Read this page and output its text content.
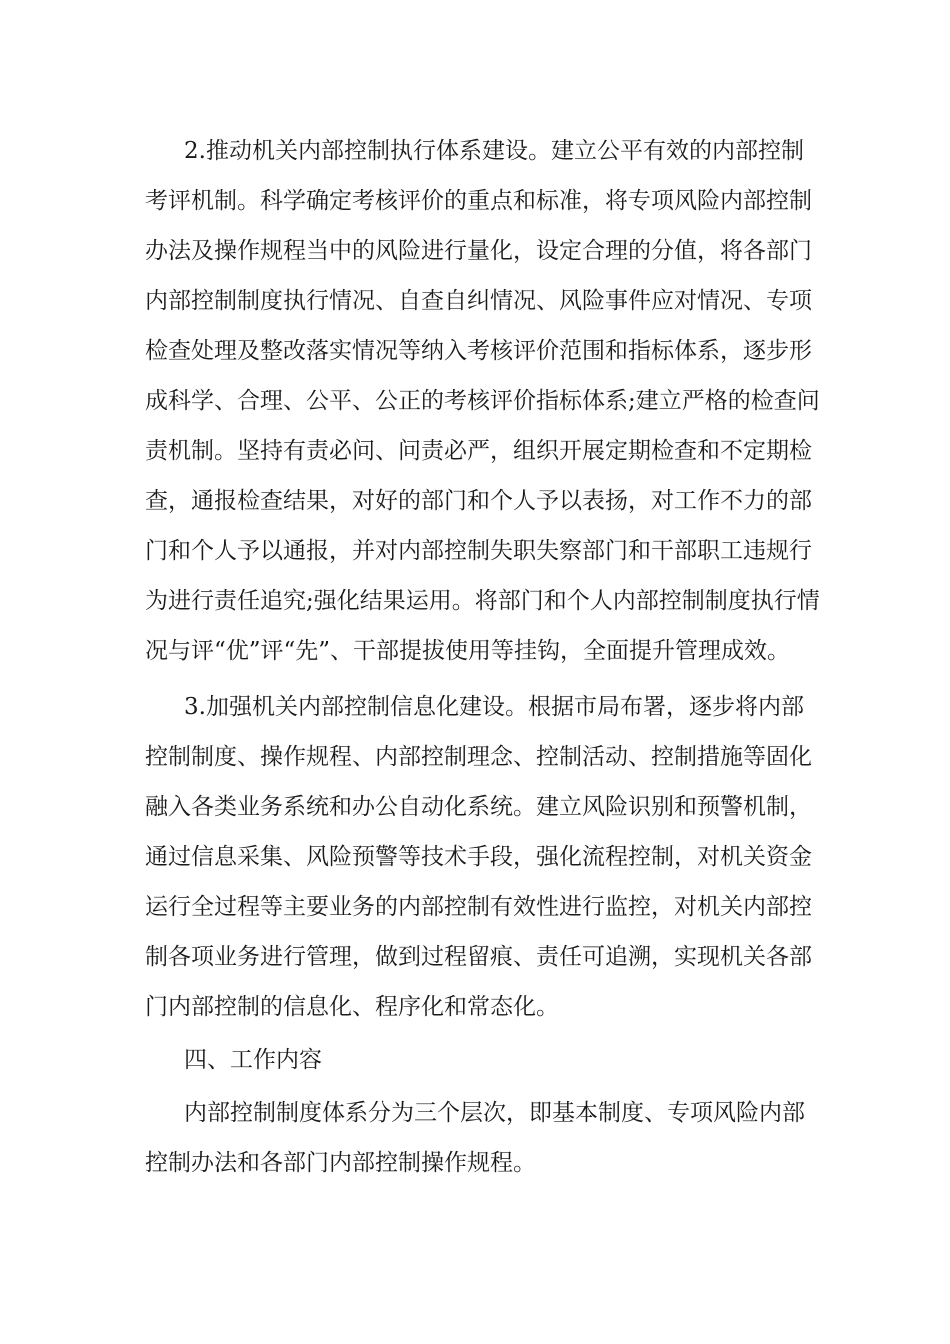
2.推动机关内部控制执行体系建设。建立公平有效的内部控制
考评机制。科学确定考核评价的重点和标准，将专项风险内部控制
办法及操作规程当中的风险进行量化，设定合理的分值，将各部门
内部控制制度执行情况、自查自纠情况、风险事件应对情况、专项
检查处理及整改落实情况等纳入考核评价范围和指标体系，逐步形
成科学、合理、公平、公正的考核评价指标体系;建立严格的检查问
责机制。坚持有责必问、问责必严，组织开展定期检查和不定期检
查，通报检查结果，对好的部门和个人予以表扬，对工作不力的部
门和个人予以通报，并对内部控制失职失察部门和干部职工违规行
为进行责任追究;强化结果运用。将部门和个人内部控制制度执行情
况与评“优”评“先”、干部提拔使用等挂钩，全面提升管理成效。
3.加强机关内部控制信息化建设。根据市局布署，逐步将内部
控制制度、操作规程、内部控制理念、控制活动、控制措施等固化
融入各类业务系统和办公自动化系统。建立风险识别和预警机制，
通过信息采集、风险预警等技术手段，强化流程控制，对机关资金
运行全过程等主要业务的内部控制有效性进行监控，对机关内部控
制各项业务进行管理，做到过程留痕、责任可追溯，实现机关各部
门内部控制的信息化、程序化和常态化。
四、工作内容
内部控制制度体系分为三个层次，即基本制度、专项风险内部
控制办法和各部门内部控制操作规程。
